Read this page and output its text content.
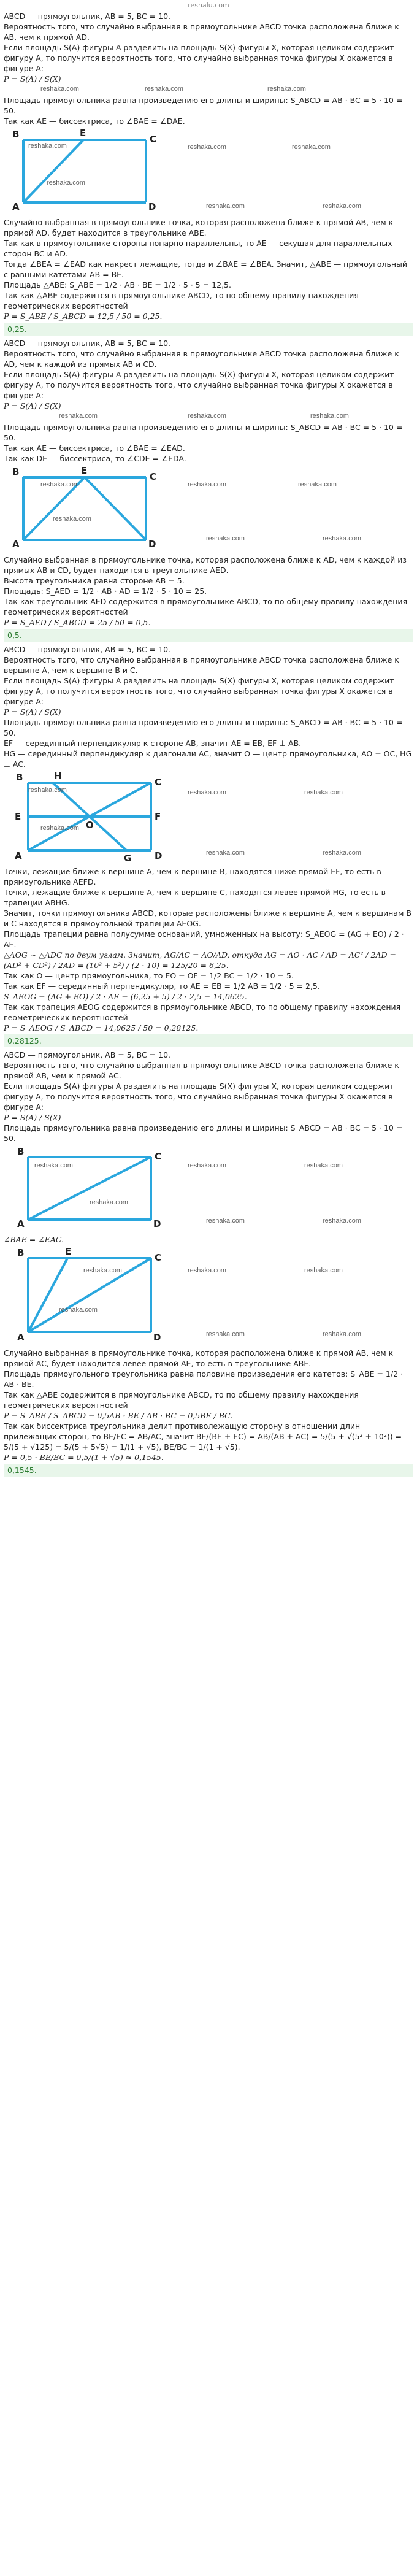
reshalu.com

ABCD — прямоугольник, AB = 5, BC = 10.

Вероятность того, что случайно выбранная в прямоугольнике ABCD точка расположена ближе к AB, чем к прямой AD.

Если площадь S(A) фигуры A разделить на площадь S(X) фигуры X, которая целиком содержит фигуру A, то получится вероятность того, что случайно выбранная точка фигуры X окажется в фигуре A:

P = S(A) / S(X)

reshaka.com	reshaka.com	reshaka.com

Площадь прямоугольника равна произведению его длины и ширины: S_ABCD = AB · BC = 5 · 10 = 50.

Так как AE — биссектриса, то ∠BAE = ∠DAE.

B	E
C
A	D
reshaka.com	reshaka.com	reshaka.com
reshaka.com
reshaka.com	reshaka.com

Случайно выбранная в прямоугольнике точка, которая расположена ближе к прямой AB, чем к прямой AD, будет находится в треугольнике ABE.

Так как в прямоугольнике стороны попарно параллельны, то AE — секущая для параллельных сторон BC и AD.

Тогда ∠BEA = ∠EAD как накрест лежащие, тогда и ∠BAE = ∠BEA. Значит, △ABE — прямоугольный с равными катетами AB = BE.

Площадь △ABE: S_ABE = 1/2 · AB · BE = 1/2 · 5 · 5 = 12,5.

Так как △ABE содержится в прямоугольнике ABCD, то по общему правилу нахождения геометрических вероятностей

P = S_ABE / S_ABCD = 12,5 / 50 = 0,25.

0,25.

ABCD — прямоугольник, AB = 5, BC = 10.

Вероятность того, что случайно выбранная в прямоугольнике ABCD точка расположена ближе к AD, чем к каждой из прямых AB и CD.

Если площадь S(A) фигуры A разделить на площадь S(X) фигуры X, которая целиком содержит фигуру A, то получится вероятность того, что случайно выбранная точка фигуры X окажется в фигуре A:

P = S(A) / S(X)

reshaka.com	reshaka.com	reshaka.com

Площадь прямоугольника равна произведению его длины и ширины: S_ABCD = AB · BC = 5 · 10 = 50.

Так как AE — биссектриса, то ∠BAE = ∠EAD.

Так как DE — биссектриса, то ∠CDE = ∠EDA.

B	E
C
A	D
reshaka.com	reshaka.com	reshaka.com
reshaka.com
reshaka.com	reshaka.com

Случайно выбранная в прямоугольнике точка, которая расположена ближе к AD, чем к каждой из прямых AB и CD, будет находится в треугольнике AED.

Высота треугольника равна стороне AB = 5.

Площадь: S_AED = 1/2 · AB · AD = 1/2 · 5 · 10 = 25.

Так как треугольник AED содержится в прямоугольнике ABCD, то по общему правилу нахождения геометрических вероятностей

P = S_AED / S_ABCD = 25 / 50 = 0,5.

0,5.

ABCD — прямоугольник, AB = 5, BC = 10.

Вероятность того, что случайно выбранная в прямоугольнике ABCD точка расположена ближе к вершине A, чем к вершине B и C.

Если площадь S(A) фигуры A разделить на площадь S(X) фигуры X, которая целиком содержит фигуру A, то получится вероятность того, что случайно выбранная точка фигуры X окажется в фигуре A:

P = S(A) / S(X)

Площадь прямоугольника равна произведению его длины и ширины: S_ABCD = AB · BC = 5 · 10 = 50.

EF — серединный перпендикуляр к стороне AB, значит AE = EB, EF ⊥ AB.

HG — серединный перпендикуляр к диагонали AC, значит O — центр прямоугольника, AO = OC, HG ⊥ AC.

B	H
C
E
O
F
A	G	D
reshaka.com	reshaka.com	reshaka.com
reshaka.com
reshaka.com	reshaka.com

Точки, лежащие ближе к вершине A, чем к вершине B, находятся ниже прямой EF, то есть в прямоугольнике AEFD.

Точки, лежащие ближе к вершине A, чем к вершине C, находятся левее прямой HG, то есть в трапеции ABHG.

Значит, точки прямоугольника ABCD, которые расположены ближе к вершине A, чем к вершинам B и C находятся в прямоугольной трапеции AEOG.

Площадь трапеции равна полусумме оснований, умноженных на высоту: S_AEOG = (AG + EO) / 2 · AE.

△AOG ∼ △ADC по двум углам. Значит, AG/AC = AO/AD, откуда AG = AO · AC / AD = AC² / 2AD = (AD² + CD²) / 2AD = (10² + 5²) / (2 · 10) = 125/20 = 6,25.

Так как O — центр прямоугольника, то EO = OF = 1/2 BC = 1/2 · 10 = 5.

Так как EF — серединный перпендикуляр, то AE = EB = 1/2 AB = 1/2 · 5 = 2,5.

S_AEOG = (AG + EO) / 2 · AE = (6,25 + 5) / 2 · 2,5 = 14,0625.

Так как трапеция AEOG содержится в прямоугольнике ABCD, то по общему правилу нахождения геометрических вероятностей

P = S_AEOG / S_ABCD = 14,0625 / 50 = 0,28125.

0,28125.

ABCD — прямоугольник, AB = 5, BC = 10.

Вероятность того, что случайно выбранная в прямоугольнике ABCD точка расположена ближе к прямой AB, чем к прямой AC.

Если площадь S(A) фигуры A разделить на площадь S(X) фигуры X, которая целиком содержит фигуру A, то получится вероятность того, что случайно выбранная точка фигуры X окажется в фигуре A:

P = S(A) / S(X)

Площадь прямоугольника равна произведению его длины и ширины: S_ABCD = AB · BC = 5 · 10 = 50.

B	C
A	D
reshaka.com	reshaka.com	reshaka.com
reshaka.com
reshaka.com	reshaka.com

∠BAE = ∠EAC.

B	E
C
A	D
reshaka.com	reshaka.com	reshaka.com
reshaka.com
reshaka.com	reshaka.com

Случайно выбранная в прямоугольнике точка, которая расположена ближе к прямой AB, чем к прямой AC, будет находится левее прямой AE, то есть в треугольнике ABE.

Площадь прямоугольного треугольника равна половине произведения его катетов: S_ABE = 1/2 · AB · BE.

Так как △ABE содержится в прямоугольнике ABCD, то по общему правилу нахождения геометрических вероятностей

P = S_ABE / S_ABCD = 0,5AB · BE / AB · BC = 0,5BE / BC.

Так как биссектриса треугольника делит противолежащую сторону в отношении длин прилежащих сторон, то BE/EC = AB/AC, значит BE/(BE + EC) = AB/(AB + AC) = 5/(5 + √(5² + 10²)) = 5/(5 + √125) = 5/(5 + 5√5) = 1/(1 + √5), BE/BC = 1/(1 + √5).

P = 0,5 · BE/BC = 0,5/(1 + √5) ≈ 0,1545.

0,1545.
